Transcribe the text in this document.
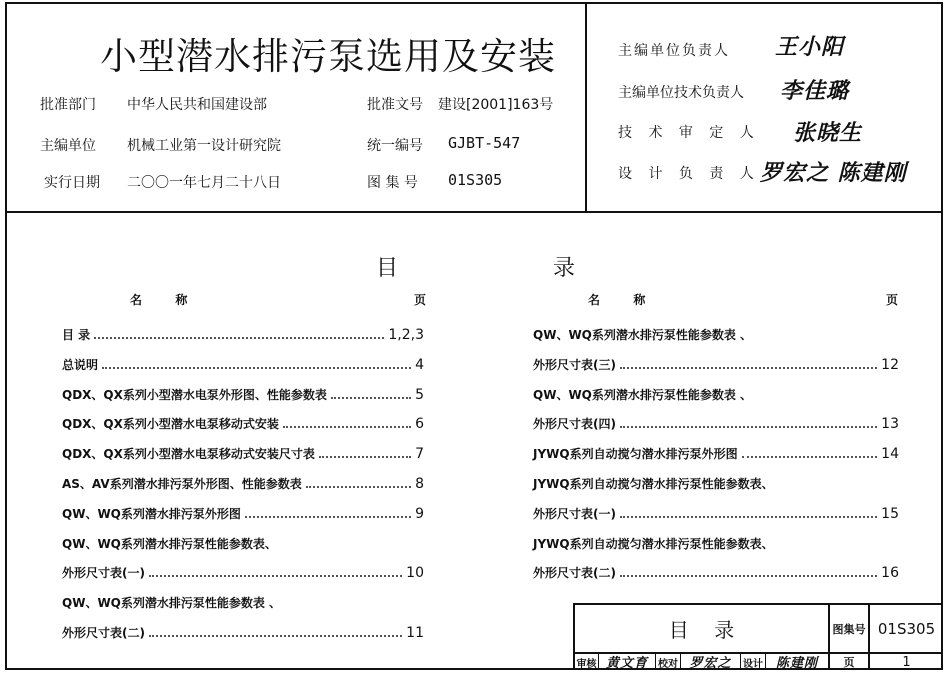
小型潜水排污泵选用及安装
批准部门 中华人民共和国建设部	批准文号 建设[2001]163号
主编单位 机械工业第一设计研究院	统一编号 GJBT-547
实行日期 二〇〇一年七月二十八日	图 集 号 01S305
主编单位负责人 王小阳
主编单位技术负责人 李佳璐
技 术 审 定 人 张晓生
设 计 负 责 人 罗宏之 陈建刚
目	录
名        称	页	名        称	页
目 录	1,2,3
总说明	4
QDX、QX系列小型潜水电泵外形图、性能参数表	5
QDX、QX系列小型潜水电泵移动式安装	6
QDX、QX系列小型潜水电泵移动式安装尺寸表	7
AS、AV系列潜水排污泵外形图、性能参数表	8
QW、WQ系列潜水排污泵外形图	9
QW、WQ系列潜水排污泵性能参数表、
外形尺寸表(一)	10
QW、WQ系列潜水排污泵性能参数表 、
外形尺寸表(二)	11
QW、WQ系列潜水排污泵性能参数表 、
外形尺寸表(三)	12
QW、WQ系列潜水排污泵性能参数表 、
外形尺寸表(四)	13
JYWQ系列自动搅匀潜水排污泵外形图	14
JYWQ系列自动搅匀潜水排污泵性能参数表、
外形尺寸表(一)	15
JYWQ系列自动搅匀潜水排污泵性能参数表、
外形尺寸表(二)	16
目    录	图集号 01S305
审核 黄文育	校对 罗宏之	设计 陈建刚	页	1
